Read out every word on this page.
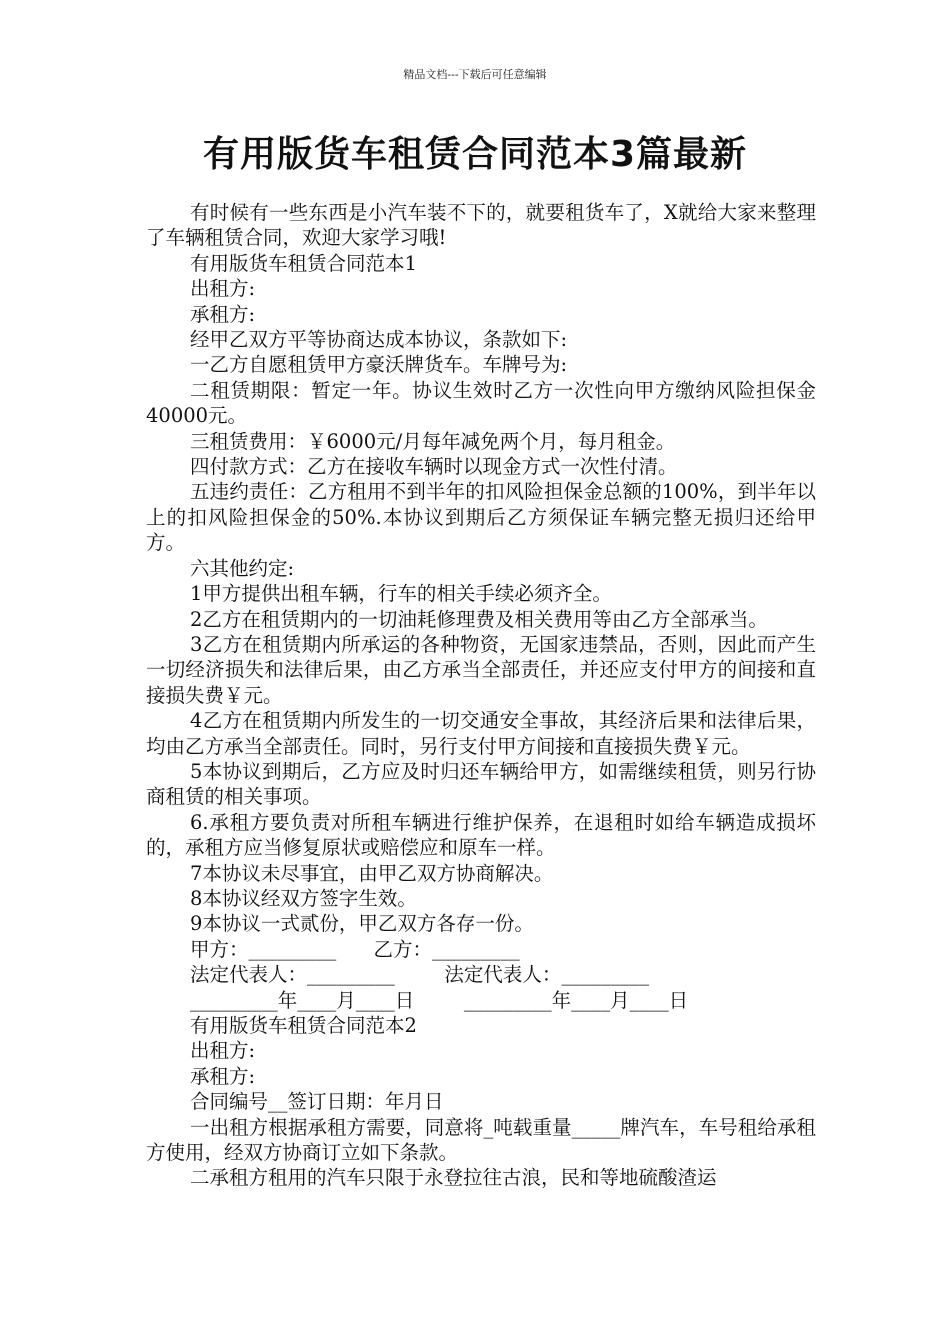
精品文档---下载后可任意编辑
有用版货车租赁合同范本3篇最新

有时候有一些东西是小汽车装不下的，就要租货车了，X就给大家来整理了车辆租赁合同，欢迎大家学习哦!

有用版货车租赁合同范本1

出租方:

承租方:

经甲乙双方平等协商达成本协议，条款如下:

一乙方自愿租赁甲方豪沃牌货车。车牌号为:

二租赁期限：暂定一年。协议生效时乙方一次性向甲方缴纳风险担保金40000元。

三租赁费用：￥6000元/月每年减免两个月，每月租金。

四付款方式：乙方在接收车辆时以现金方式一次性付清。

五违约责任：乙方租用不到半年的扣风险担保金总额的100%，到半年以上的扣风险担保金的50%.本协议到期后乙方须保证车辆完整无损归还给甲方。

六其他约定:

1甲方提供出租车辆，行车的相关手续必须齐全。

2乙方在租赁期内的一切油耗修理费及相关费用等由乙方全部承当。

3乙方在租赁期内所承运的各种物资，无国家违禁品，否则，因此而产生一切经济损失和法律后果，由乙方承当全部责任，并还应支付甲方的间接和直接损失费￥元。

4乙方在租赁期内所发生的一切交通安全事故，其经济后果和法律后果，均由乙方承当全部责任。同时，另行支付甲方间接和直接损失费￥元。

5本协议到期后，乙方应及时归还车辆给甲方，如需继续租赁，则另行协商租赁的相关事项。

6.承租方要负责对所租车辆进行维护保养，在退租时如给车辆造成损坏的，承租方应当修复原状或赔偿应和原车一样。

7本协议未尽事宜，由甲乙双方协商解决。

8本协议经双方签字生效。

9本协议一式贰份，甲乙双方各存一份。

甲方：_________      乙方：_________

法定代表人：_________        法定代表人：_________

_________年____月____日        _________年____月____日

有用版货车租赁合同范本2

出租方:

承租方:

合同编号__签订日期：年月日

一出租方根据承租方需要，同意将_吨载重量_____牌汽车，车号租给承租方使用，经双方协商订立如下条款。

二承租方租用的汽车只限于永登拉往古浪，民和等地硫酸渣运
